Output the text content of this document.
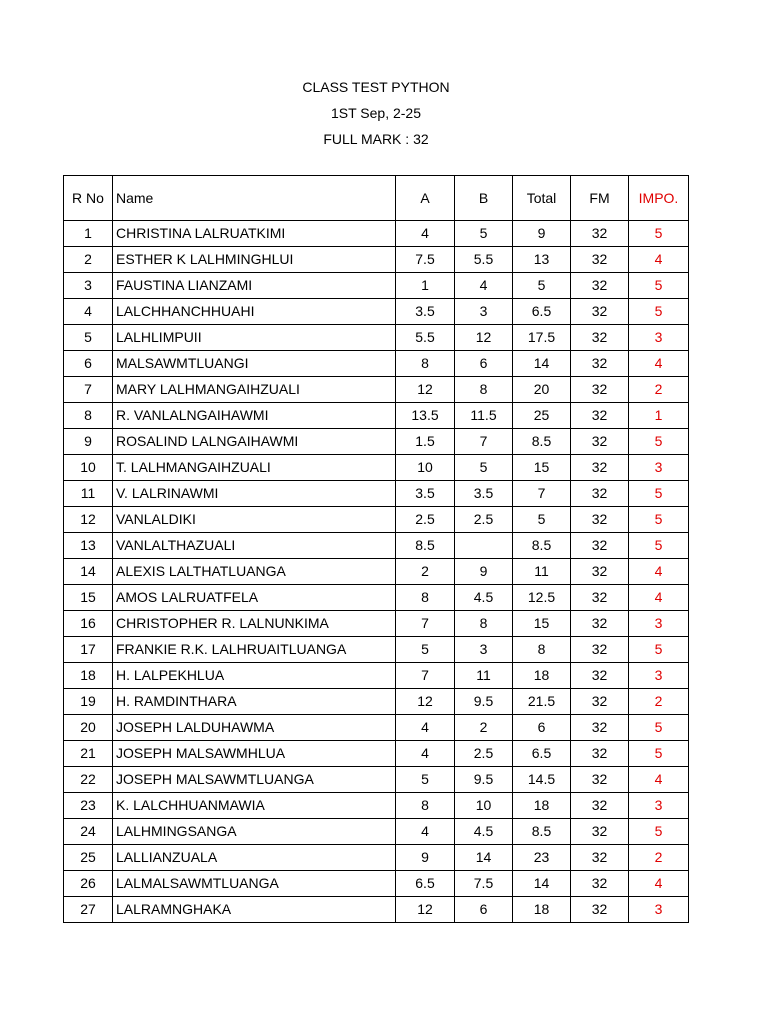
CLASS TEST PYTHON
1ST Sep, 2-25
FULL MARK : 32
R No	Name	A	B	Total	FM	IMPO.
1	CHRISTINA LALRUATKIMI	4	5	9	32	5
2	ESTHER K LALHMINGHLUI	7.5	5.5	13	32	4
3	FAUSTINA LIANZAMI	1	4	5	32	5
4	LALCHHANCHHUAHI	3.5	3	6.5	32	5
5	LALHLIMPUII	5.5	12	17.5	32	3
6	MALSAWMTLUANGI	8	6	14	32	4
7	MARY LALHMANGAIHZUALI	12	8	20	32	2
8	R. VANLALNGAIHAWMI	13.5	11.5	25	32	1
9	ROSALIND LALNGAIHAWMI	1.5	7	8.5	32	5
10	T. LALHMANGAIHZUALI	10	5	15	32	3
11	V. LALRINAWMI	3.5	3.5	7	32	5
12	VANLALDIKI	2.5	2.5	5	32	5
13	VANLALTHAZUALI	8.5		8.5	32	5
14	ALEXIS LALTHATLUANGA	2	9	11	32	4
15	AMOS LALRUATFELA	8	4.5	12.5	32	4
16	CHRISTOPHER R. LALNUNKIMA	7	8	15	32	3
17	FRANKIE R.K. LALHRUAITLUANGA	5	3	8	32	5
18	H. LALPEKHLUA	7	11	18	32	3
19	H. RAMDINTHARA	12	9.5	21.5	32	2
20	JOSEPH LALDUHAWMA	4	2	6	32	5
21	JOSEPH MALSAWMHLUA	4	2.5	6.5	32	5
22	JOSEPH MALSAWMTLUANGA	5	9.5	14.5	32	4
23	K. LALCHHUANMAWIA	8	10	18	32	3
24	LALHMINGSANGA	4	4.5	8.5	32	5
25	LALLIANZUALA	9	14	23	32	2
26	LALMALSAWMTLUANGA	6.5	7.5	14	32	4
27	LALRAMNGHAKA	12	6	18	32	3
